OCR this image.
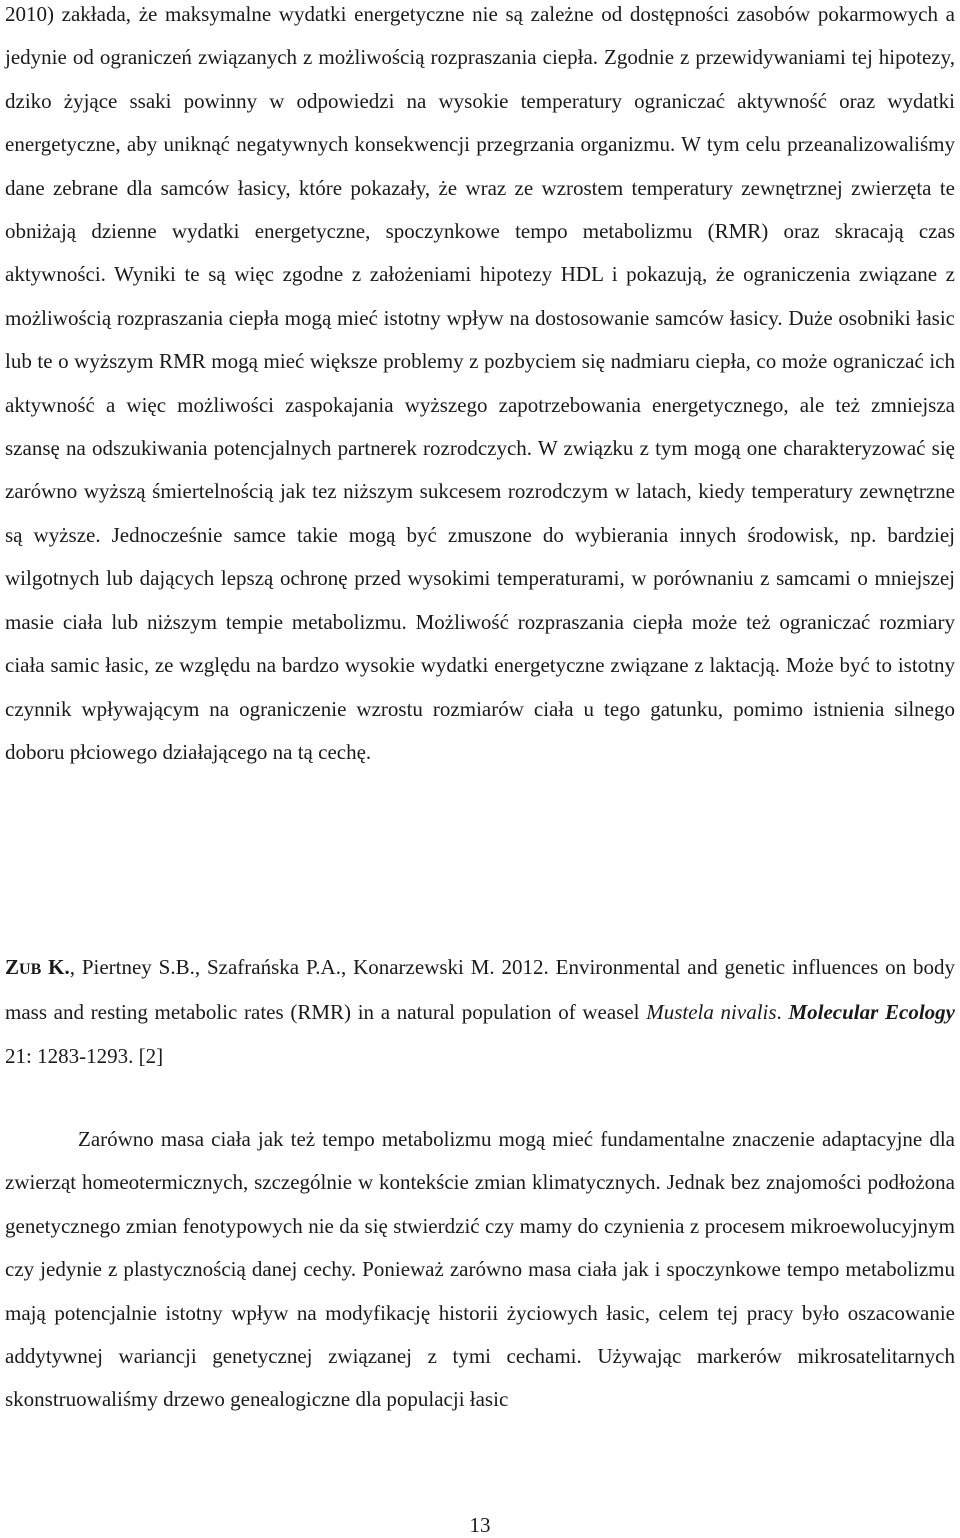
2010) zakłada, że maksymalne wydatki energetyczne nie są zależne od dostępności zasobów pokarmowych a jedynie od ograniczeń związanych z możliwością rozpraszania ciepła. Zgodnie z przewidywaniami tej hipotezy, dziko żyjące ssaki powinny w odpowiedzi na wysokie temperatury ograniczać aktywność oraz wydatki energetyczne, aby uniknąć negatywnych konsekwencji przegrzania organizmu. W tym celu przeanalizowaliśmy dane zebrane dla samców łasicy, które pokazały, że wraz ze wzrostem temperatury zewnętrznej zwierzęta te obniżają dzienne wydatki energetyczne, spoczynkowe tempo metabolizmu (RMR) oraz skracają czas aktywności. Wyniki te są więc zgodne z założeniami hipotezy HDL i pokazują, że ograniczenia związane z możliwością rozpraszania ciepła mogą mieć istotny wpływ na dostosowanie samców łasicy. Duże osobniki łasic lub te o wyższym RMR mogą mieć większe problemy z pozbyciem się nadmiaru ciepła, co może ograniczać ich aktywność a więc możliwości zaspokajania wyższego zapotrzebowania energetycznego, ale też zmniejsza szansę na odszukiwania potencjalnych partnerek rozrodczych. W związku z tym mogą one charakteryzować się zarówno wyższą śmiertelnością jak tez niższym sukcesem rozrodczym w latach, kiedy temperatury zewnętrzne są wyższe. Jednocześnie samce takie mogą być zmuszone do wybierania innych środowisk, np. bardziej wilgotnych lub dających lepszą ochronę przed wysokimi temperaturami, w porównaniu z samcami o mniejszej masie ciała lub niższym tempie metabolizmu. Możliwość rozpraszania ciepła może też ograniczać rozmiary ciała samic łasic, ze względu na bardzo wysokie wydatki energetyczne związane z laktacją. Może być to istotny czynnik wpływającym na ograniczenie wzrostu rozmiarów ciała u tego gatunku, pomimo istnienia silnego doboru płciowego działającego na tą cechę.

ZUB K., Piertney S.B., Szafrańska P.A., Konarzewski M. 2012. Environmental and genetic influences on body mass and resting metabolic rates (RMR) in a natural population of weasel Mustela nivalis. Molecular Ecology 21: 1283-1293. [2]

Zarówno masa ciała jak też tempo metabolizmu mogą mieć fundamentalne znaczenie adaptacyjne dla zwierząt homeotermicznych, szczególnie w kontekście zmian klimatycznych. Jednak bez znajomości podłożona genetycznego zmian fenotypowych nie da się stwierdzić czy mamy do czynienia z procesem mikroewolucyjnym czy jedynie z plastycznością danej cechy. Ponieważ zarówno masa ciała jak i spoczynkowe tempo metabolizmu mają potencjalnie istotny wpływ na modyfikację historii życiowych łasic, celem tej pracy było oszacowanie addytywnej wariancji genetycznej związanej z tymi cechami. Używając markerów mikrosatelitarnych skonstruowaliśmy drzewo genealogiczne dla populacji łasic

13
